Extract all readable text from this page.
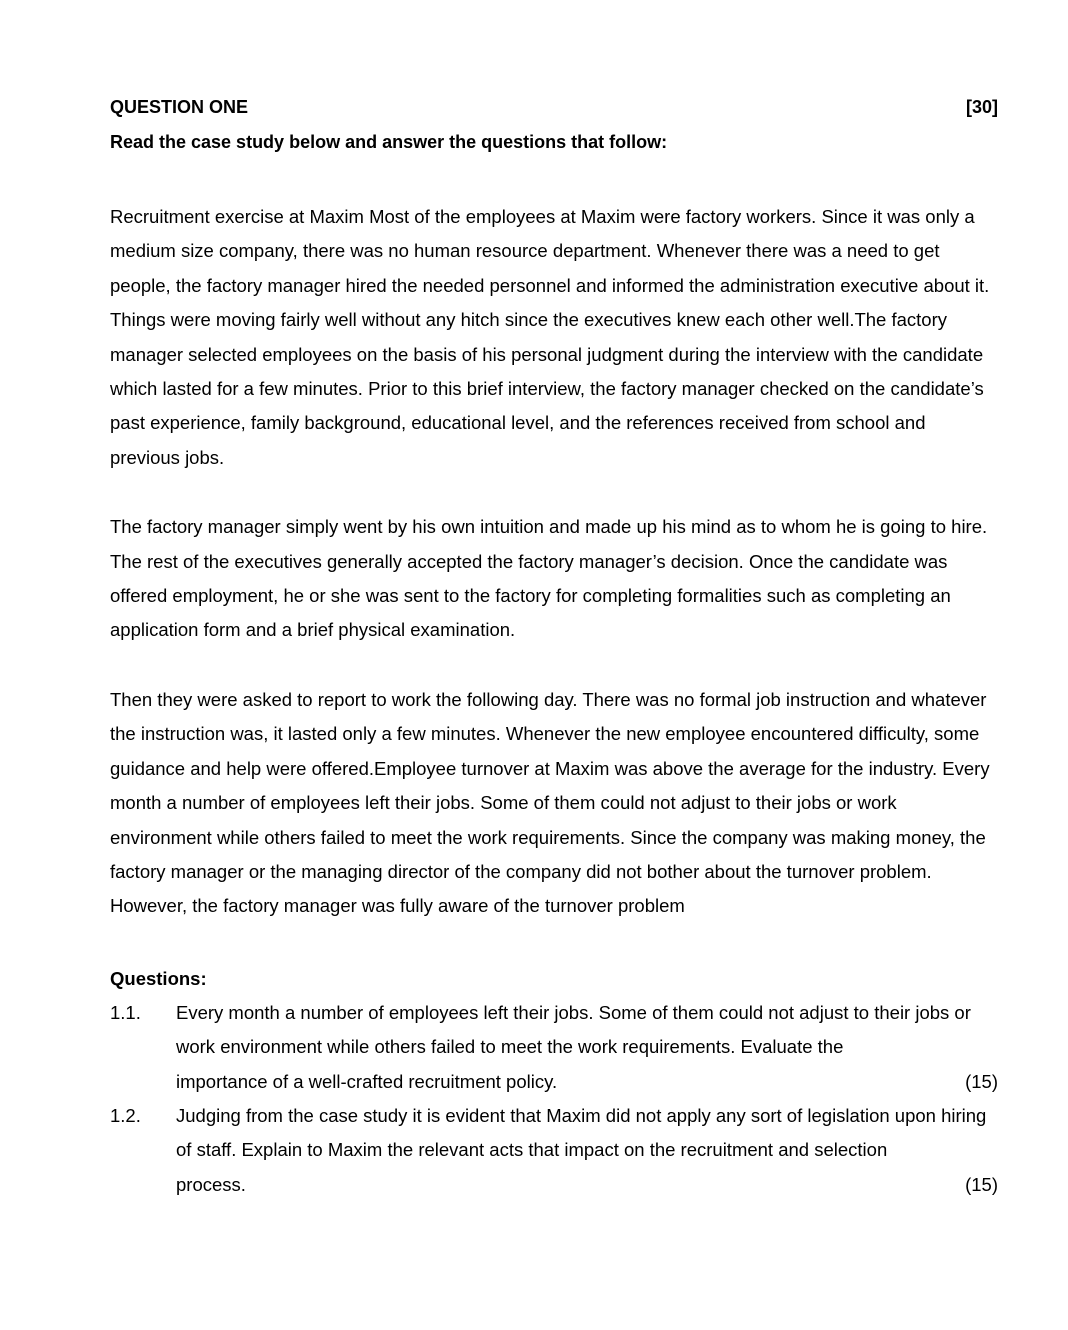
QUESTION ONE	[30]
Read the case study below and answer the questions that follow:

Recruitment exercise at Maxim Most of the employees at Maxim were factory workers. Since it was only a medium size company, there was no human resource department. Whenever there was a need to get people, the factory manager hired the needed personnel and informed the administration executive about it. Things were moving fairly well without any hitch since the executives knew each other well.The factory manager selected employees on the basis of his personal judgment during the interview with the candidate which lasted for a few minutes. Prior to this brief interview, the factory manager checked on the candidate’s past experience, family background, educational level, and the references received from school and previous jobs.

The factory manager simply went by his own intuition and made up his mind as to whom he is going to hire. The rest of the executives generally accepted the factory manager’s decision. Once the candidate was offered employment, he or she was sent to the factory for completing formalities such as completing an application form and a brief physical examination.

Then they were asked to report to work the following day. There was no formal job instruction and whatever the instruction was, it lasted only a few minutes. Whenever the new employee encountered difficulty, some guidance and help were offered.Employee turnover at Maxim was above the average for the industry. Every month a number of employees left their jobs. Some of them could not adjust to their jobs or work environment while others failed to meet the work requirements. Since the company was making money, the factory manager or the managing director of the company did not bother about the turnover problem. However, the factory manager was fully aware of the turnover problem

Questions:
1.1.	Every month a number of employees left their jobs. Some of them could not adjust to their jobs or work environment while others failed to meet the work requirements. Evaluate the
importance of a well-crafted recruitment policy.	(15)
1.2.	Judging from the case study it is evident that Maxim did not apply any sort of legislation upon hiring of staff. Explain to Maxim the relevant acts that impact on the recruitment and selection
process.	(15)
